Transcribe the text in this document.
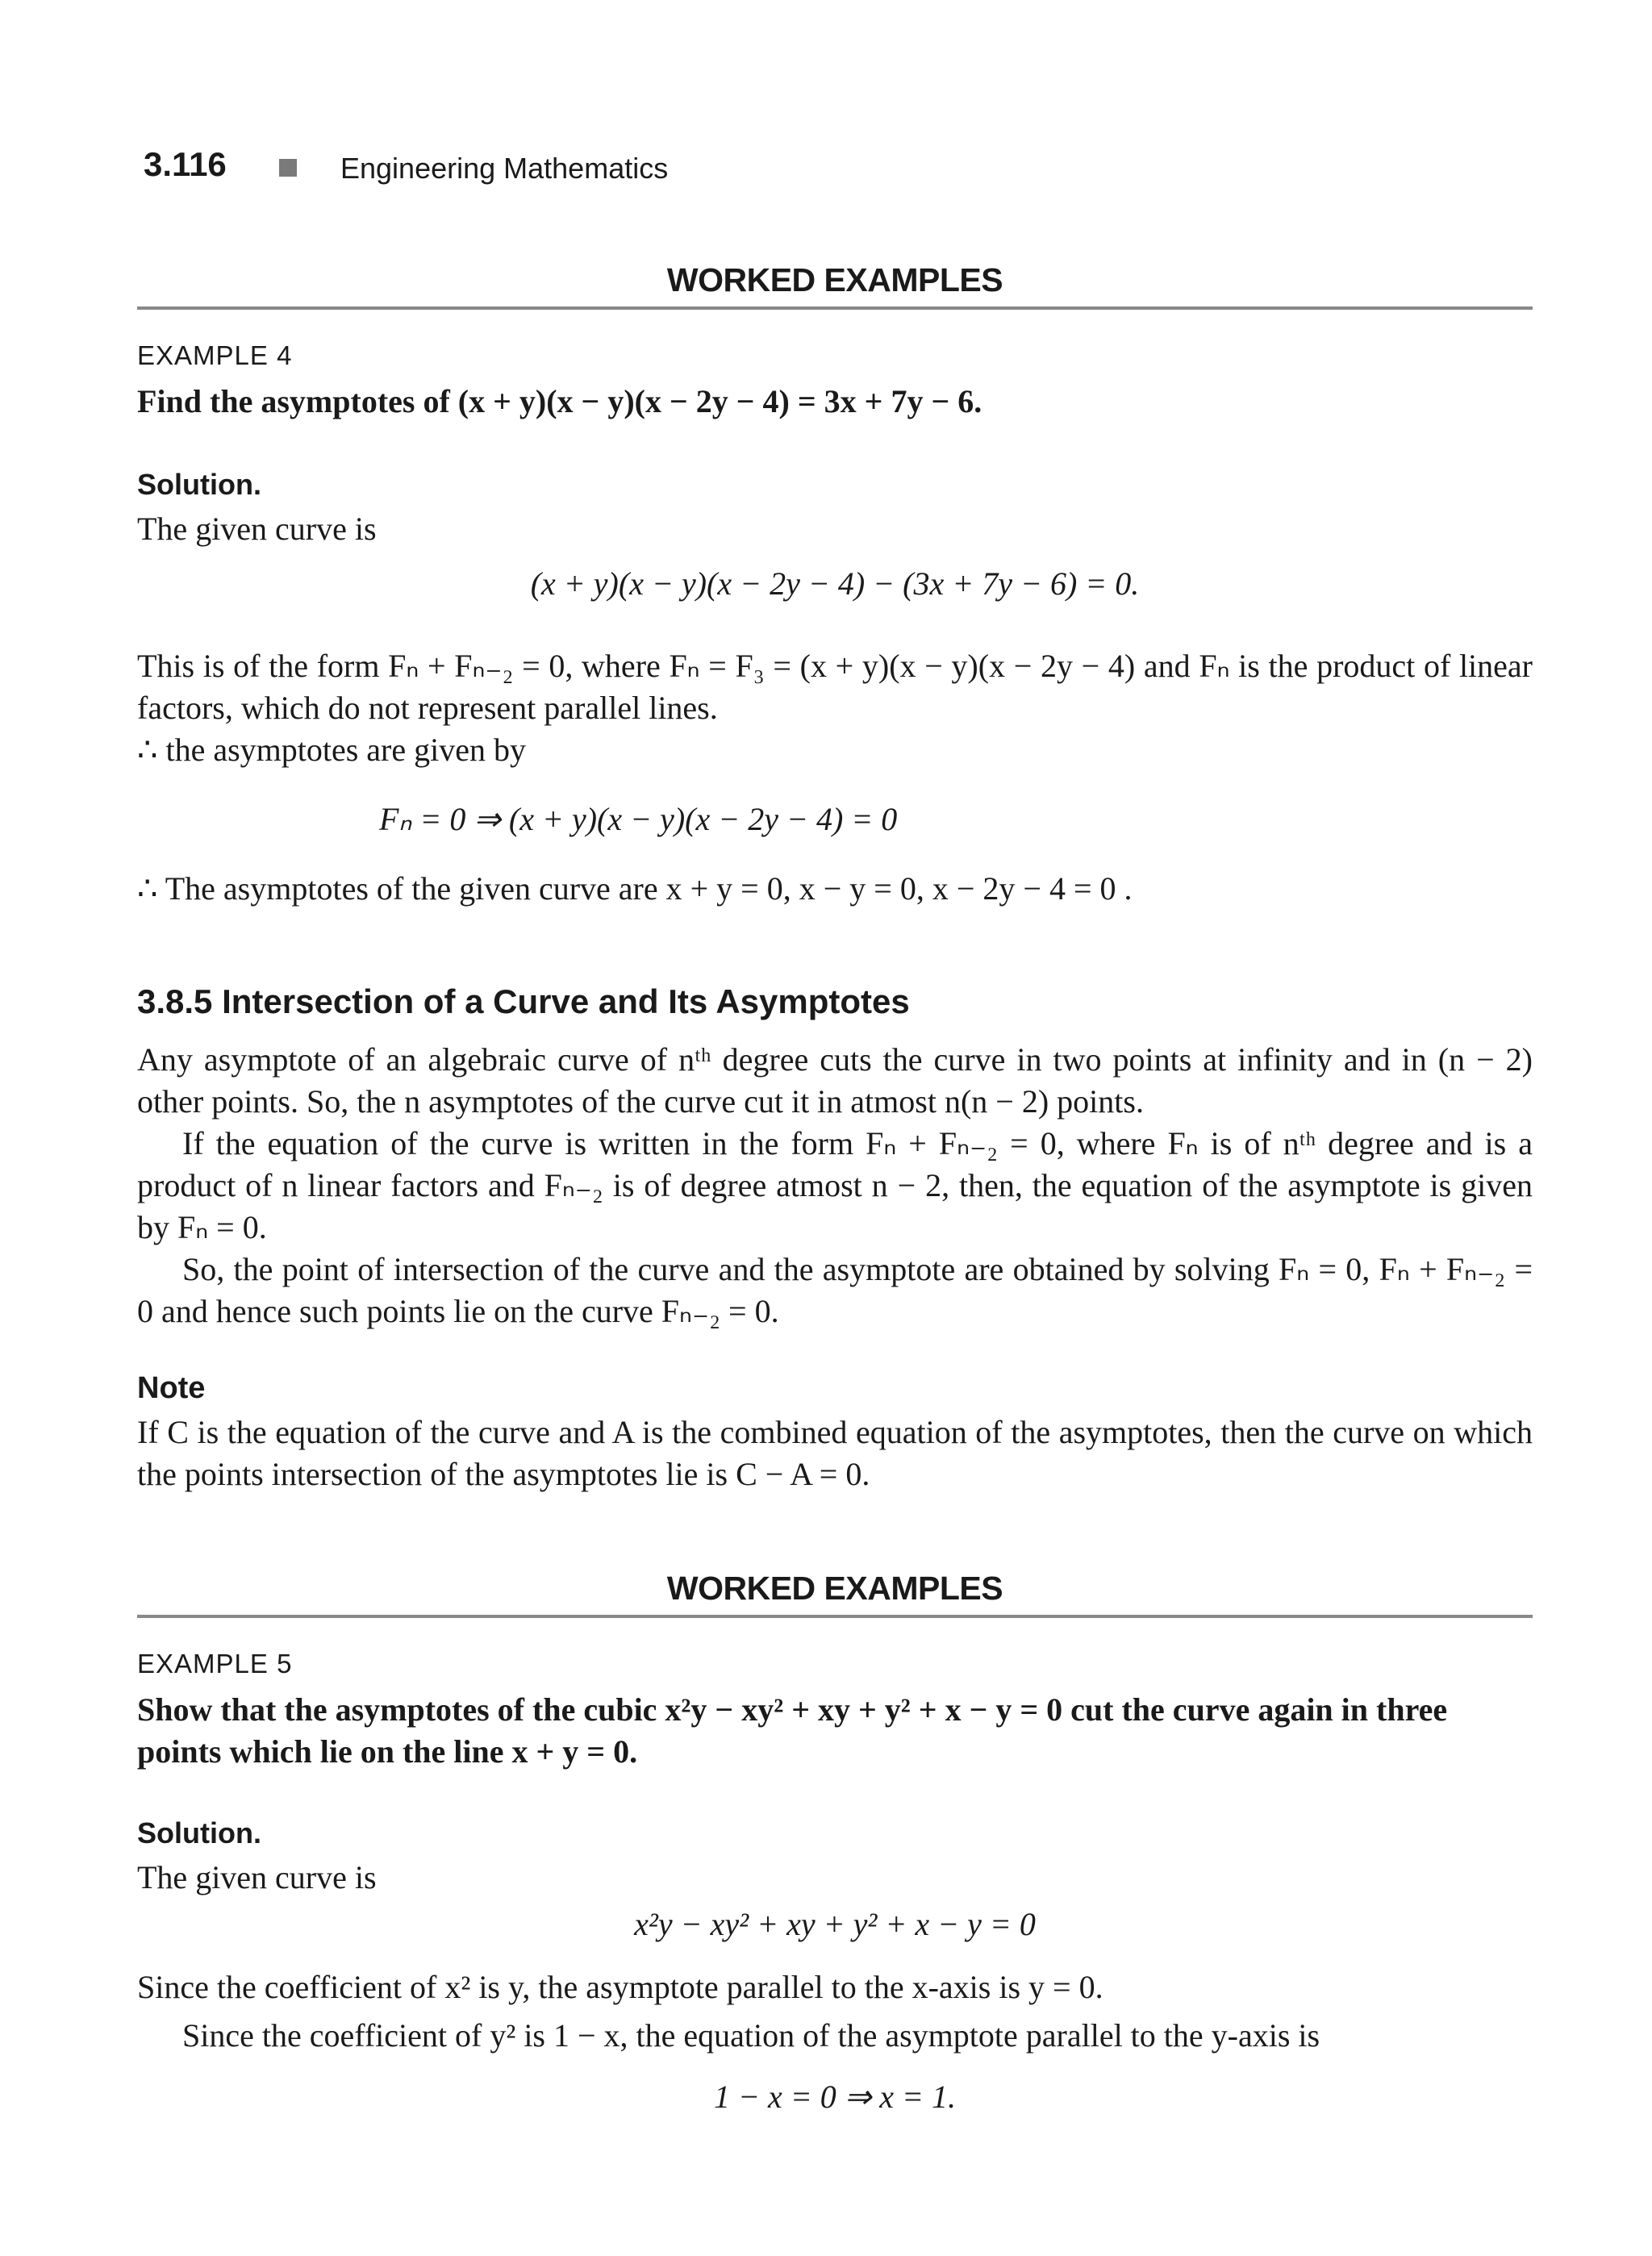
3.116	Engineering Mathematics
WORKED EXAMPLES
EXAMPLE 4
Find the asymptotes of (x + y)(x − y)(x − 2y − 4) = 3x + 7y − 6.
Solution.
The given curve is
(x + y)(x − y)(x − 2y − 4) − (3x + 7y − 6) = 0.
This is of the form Fₙ + Fₙ₋₂ = 0, where Fₙ = F₃ = (x + y)(x − y)(x − 2y − 4) and Fₙ is the product of linear factors, which do not represent parallel lines.
∴ the asymptotes are given by
Fₙ = 0 ⇒ (x + y)(x − y)(x − 2y − 4) = 0
∴ The asymptotes of the given curve are x + y = 0, x − y = 0, x − 2y − 4 = 0 .
3.8.5 Intersection of a Curve and Its Asymptotes
Any asymptote of an algebraic curve of nᵗʰ degree cuts the curve in two points at infinity and in (n − 2) other points. So, the n asymptotes of the curve cut it in atmost n(n − 2) points.
If the equation of the curve is written in the form Fₙ + Fₙ₋₂ = 0, where Fₙ is of nᵗʰ degree and is a product of n linear factors and Fₙ₋₂ is of degree atmost n − 2, then, the equation of the asymptote is given by Fₙ = 0.
So, the point of intersection of the curve and the asymptote are obtained by solving Fₙ = 0, Fₙ + Fₙ₋₂ = 0 and hence such points lie on the curve Fₙ₋₂ = 0.
Note
If C is the equation of the curve and A is the combined equation of the asymptotes, then the curve on which the points intersection of the asymptotes lie is C − A = 0.
WORKED EXAMPLES
EXAMPLE 5
Show that the asymptotes of the cubic x²y − xy² + xy + y² + x − y = 0 cut the curve again in three points which lie on the line x + y = 0.
Solution.
The given curve is
x²y − xy² + xy + y² + x − y = 0
Since the coefficient of x² is y, the asymptote parallel to the x-axis is y = 0.
Since the coefficient of y² is 1 − x, the equation of the asymptote parallel to the y-axis is
1 − x = 0 ⇒ x = 1.
